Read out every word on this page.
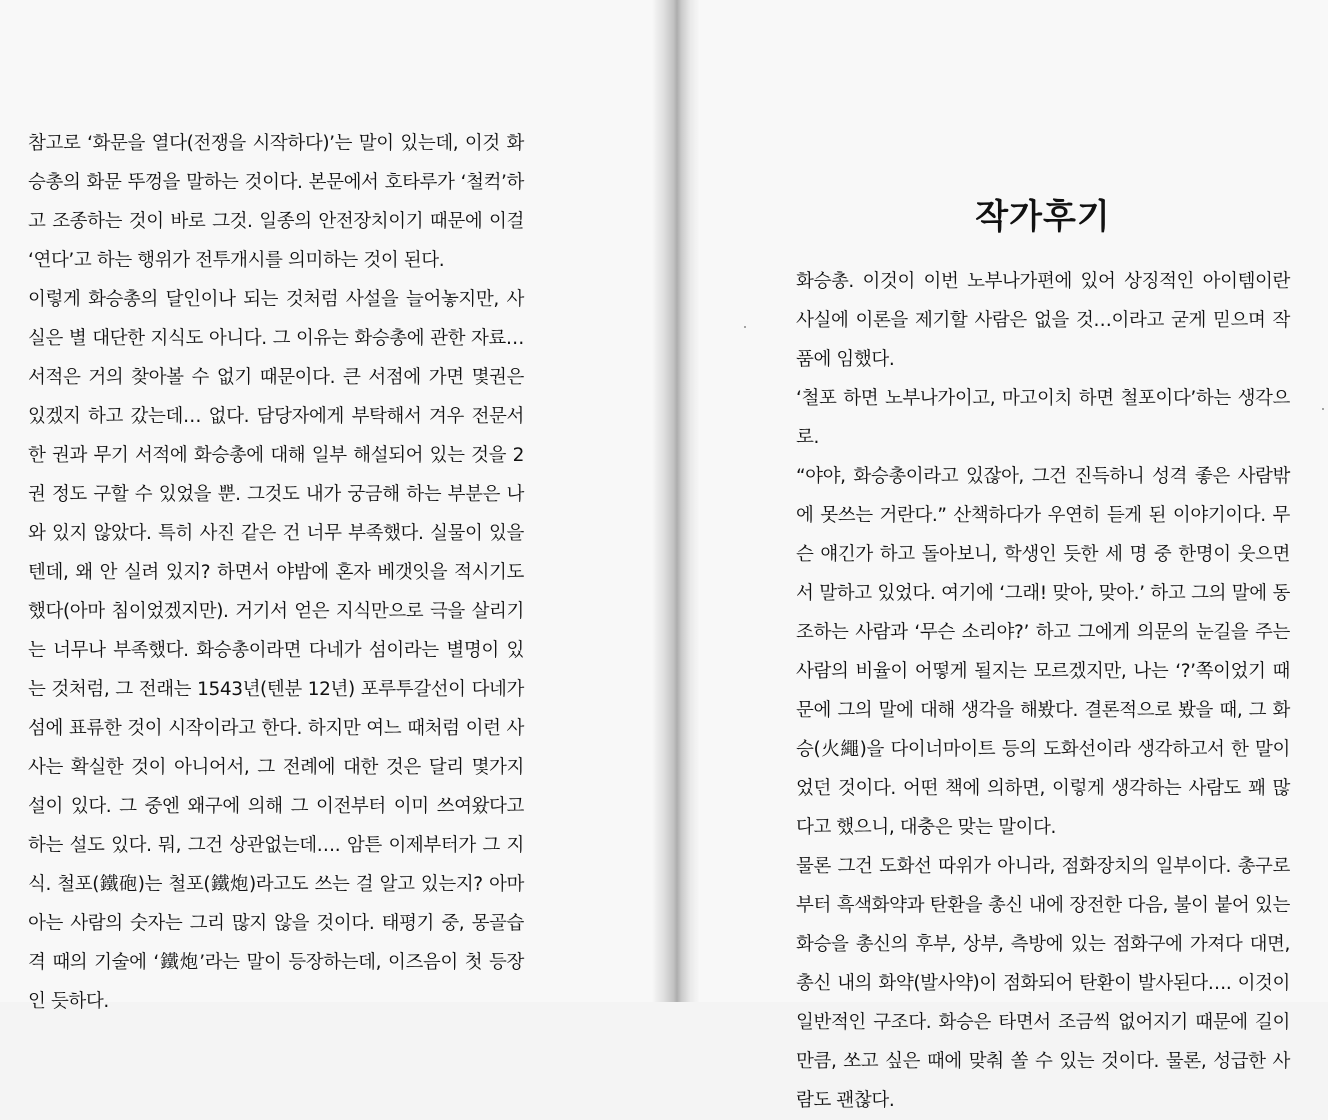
참고로 ‘화문을 열다(전쟁을 시작하다)’는 말이 있는데, 이것 화승총의 화문 뚜껑을 말하는 것이다. 본문에서 호타루가 ‘철컥’하고 조종하는 것이 바로 그것. 일종의 안전장치이기 때문에 이걸 ‘연다’고 하는 행위가 전투개시를 의미하는 것이 된다.

이렇게 화승총의 달인이나 되는 것처럼 사설을 늘어놓지만, 사실은 별 대단한 지식도 아니다. 그 이유는 화승총에 관한 자료… 서적은 거의 찾아볼 수 없기 때문이다. 큰 서점에 가면 몇권은 있겠지 하고 갔는데… 없다. 담당자에게 부탁해서 겨우 전문서 한 권과 무기 서적에 화승총에 대해 일부 해설되어 있는 것을 2권 정도 구할 수 있었을 뿐. 그것도 내가 궁금해 하는 부분은 나와 있지 않았다. 특히 사진 같은 건 너무 부족했다. 실물이 있을 텐데, 왜 안 실려 있지? 하면서 야밤에 혼자 베갯잇을 적시기도 했다(아마 침이었겠지만). 거기서 얻은 지식만으로 극을 살리기는 너무나 부족했다. 화승총이라면 다네가 섬이라는 별명이 있는 것처럼, 그 전래는 1543년(텐분 12년) 포루투갈선이 다네가 섬에 표류한 것이 시작이라고 한다. 하지만 여느 때처럼 이런 사사는 확실한 것이 아니어서, 그 전례에 대한 것은 달리 몇가지 설이 있다. 그 중엔 왜구에 의해 그 이전부터 이미 쓰여왔다고 하는 설도 있다. 뭐, 그건 상관없는데…. 암튼 이제부터가 그 지식. 철포(鐵砲)는 철포(鐵炮)라고도 쓰는 걸 알고 있는지? 아마 아는 사람의 숫자는 그리 많지 않을 것이다. 태평기 중, 몽골습격 때의 기술에 ‘鐵炮’라는 말이 등장하는데, 이즈음이 첫 등장인 듯하다.

작가후기

화승총. 이것이 이번 노부나가편에 있어 상징적인 아이템이란 사실에 이론을 제기할 사람은 없을 것…이라고 굳게 믿으며 작품에 임했다.

‘철포 하면 노부나가이고, 마고이치 하면 철포이다’하는 생각으로.

“야야, 화승총이라고 있잖아, 그건 진득하니 성격 좋은 사람밖에 못쓰는 거란다.” 산책하다가 우연히 듣게 된 이야기이다. 무슨 얘긴가 하고 돌아보니, 학생인 듯한 세 명 중 한명이 웃으면서 말하고 있었다. 여기에 ‘그래! 맞아, 맞아.’ 하고 그의 말에 동조하는 사람과 ‘무슨 소리야?’ 하고 그에게 의문의 눈길을 주는 사람의 비율이 어떻게 될지는 모르겠지만, 나는 ‘?’쪽이었기 때문에 그의 말에 대해 생각을 해봤다. 결론적으로 봤을 때, 그 화승(火繩)을 다이너마이트 등의 도화선이라 생각하고서 한 말이었던 것이다. 어떤 책에 의하면, 이렇게 생각하는 사람도 꽤 많다고 했으니, 대충은 맞는 말이다.

물론 그건 도화선 따위가 아니라, 점화장치의 일부이다. 총구로부터 흑색화약과 탄환을 총신 내에 장전한 다음, 불이 붙어 있는 화승을 총신의 후부, 상부, 측방에 있는 점화구에 가져다 대면, 총신 내의 화약(발사약)이 점화되어 탄환이 발사된다…. 이것이 일반적인 구조다. 화승은 타면서 조금씩 없어지기 때문에 길이만큼, 쏘고 싶은 때에 맞춰 쏠 수 있는 것이다. 물론, 성급한 사람도 괜찮다.
